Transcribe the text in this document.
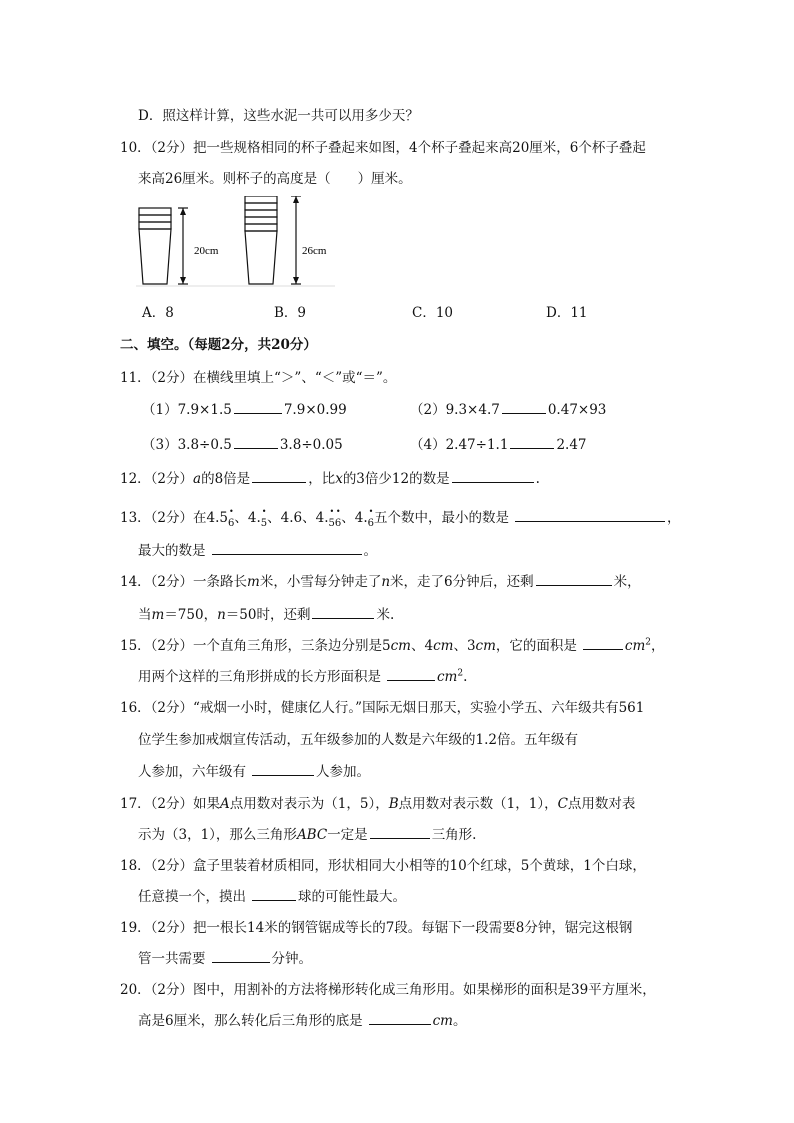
D．照这样计算，这些水泥一共可以用多少天？
10．（2分）把一些规格相同的杯子叠起来如图，4个杯子叠起来高20厘米，6个杯子叠起
来高26厘米。则杯子的高度是（　　）厘米。
20cm	26cm
A．8	B．9	C．10	D．11
二、填空。（每题2分，共20分）
11．（2分）在横线里填上“＞”、“＜”或“＝”。
（1）7.9×1.5	7.9×0.99	（2）9.3×4.7	0.47×93
（3）3.8÷0.5	3.8÷0.05	（4）2.47÷1.1	2.47
12．（2分）a的8倍是	，比x的3倍少12的数是	.
13．（2分）在4.5• 6、4.• 5、4.6、4.• 5• 6、4.• 6五个数中，最小的数是	，
最大的数是	。
14．（2分）一条路长m米，小雪每分钟走了n米，走了6分钟后，还剩	米，
当m＝750，n＝50时，还剩	米.
15．（2分）一个直角三角形，三条边分别是5cm、4cm、3cm，它的面积是	$cm^2$，
用两个这样的三角形拼成的长方形面积是	$cm^2$.
16．（2分）“戒烟一小时，健康亿人行。”国际无烟日那天，实验小学五、六年级共有561
位学生参加戒烟宣传活动，五年级参加的人数是六年级的1.2倍。五年级有
人参加，六年级有	人参加。
17．（2分）如果A点用数对表示为（1，5），B点用数对表示数（1，1），C点用数对表
示为（3，1），那么三角形ABC一定是	三角形.
18．（2分）盒子里装着材质相同，形状相同大小相等的10个红球，5个黄球，1个白球，
任意摸一个，摸出	球的可能性最大。
19．（2分）把一根长14米的钢管锯成等长的7段。每锯下一段需要8分钟，锯完这根钢
管一共需要	分钟。
20．（2分）图中，用割补的方法将梯形转化成三角形用。如果梯形的面积是39平方厘米，
高是6厘米，那么转化后三角形的底是	cm。
